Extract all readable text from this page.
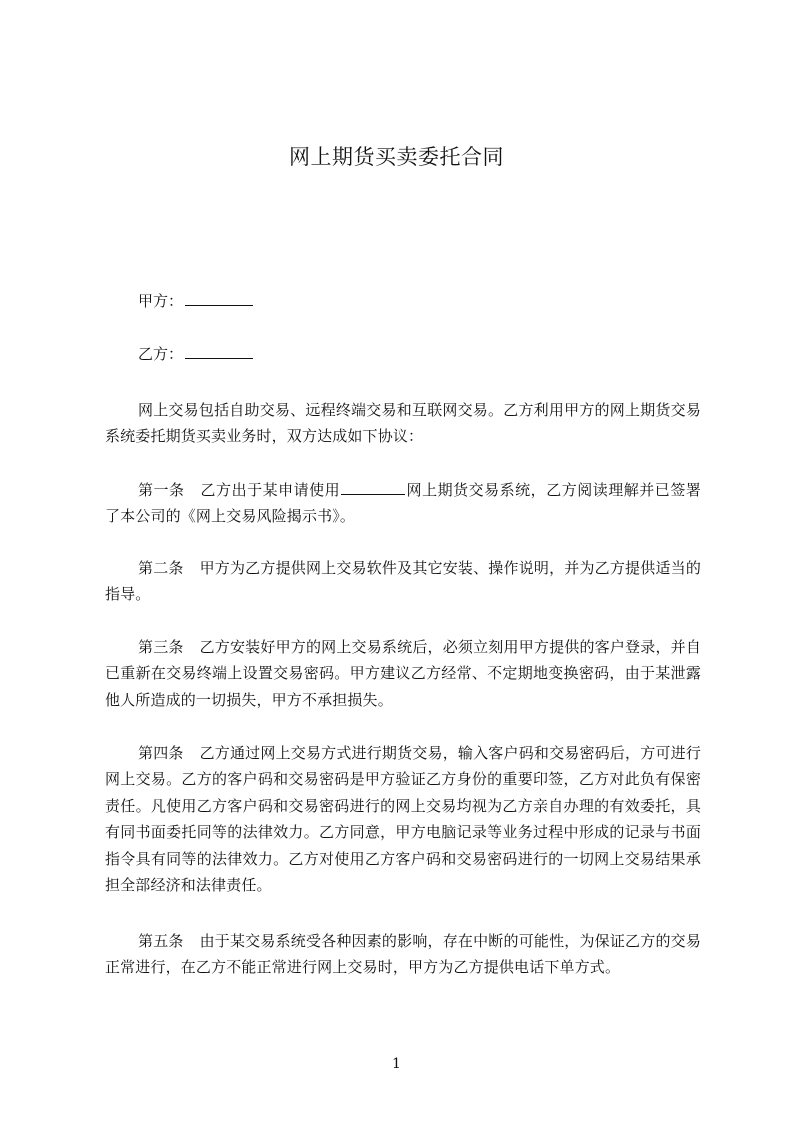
网上期货买卖委托合同
甲方：
乙方：

网上交易包括自助交易、远程终端交易和互联网交易。乙方利用甲方的网上期货交易系统委托期货买卖业务时，双方达成如下协议：

第一条 乙方出于某申请使用	网上期货交易系统，乙方阅读理解并已签署了本公司的《网上交易风险揭示书》。

第二条 甲方为乙方提供网上交易软件及其它安装、操作说明，并为乙方提供适当的指导。

第三条 乙方安装好甲方的网上交易系统后，必须立刻用甲方提供的客户登录，并自已重新在交易终端上设置交易密码。甲方建议乙方经常、不定期地变换密码，由于某泄露他人所造成的一切损失，甲方不承担损失。

第四条 乙方通过网上交易方式进行期货交易，输入客户码和交易密码后，方可进行网上交易。乙方的客户码和交易密码是甲方验证乙方身份的重要印签，乙方对此负有保密责任。凡使用乙方客户码和交易密码进行的网上交易均视为乙方亲自办理的有效委托，具有同书面委托同等的法律效力。乙方同意，甲方电脑记录等业务过程中形成的记录与书面指令具有同等的法律效力。乙方对使用乙方客户码和交易密码进行的一切网上交易结果承担全部经济和法律责任。

第五条 由于某交易系统受各种因素的影响，存在中断的可能性，为保证乙方的交易正常进行，在乙方不能正常进行网上交易时，甲方为乙方提供电话下单方式。

1
